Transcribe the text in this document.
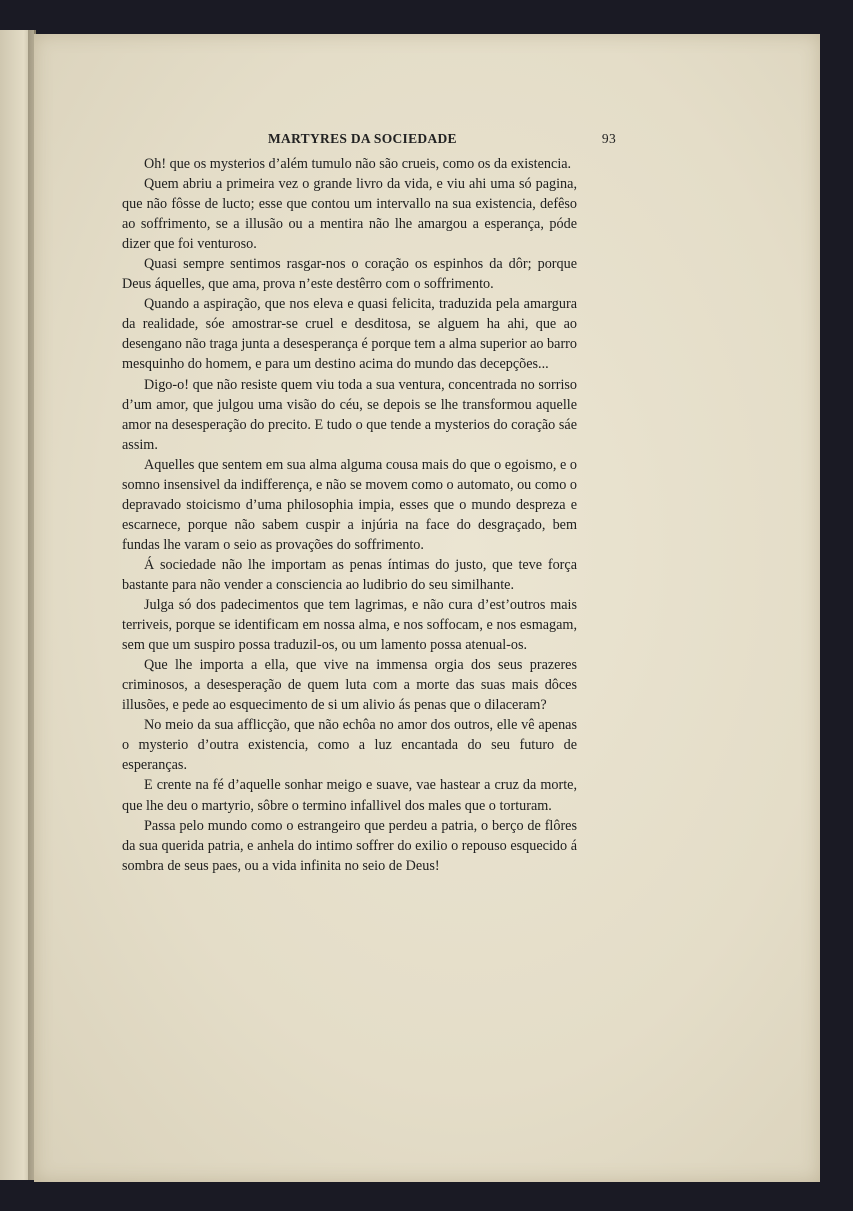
MARTYRES DA SOCIEDADE	93

Oh! que os mysterios d’além tumulo não são crueis, como os da existencia.

Quem abriu a primeira vez o grande livro da vida, e viu ahi uma só pagina, que não fôsse de lucto; esse que contou um intervallo na sua existencia, defêso ao soffrimento, se a illusão ou a mentira não lhe amargou a esperança, póde dizer que foi venturoso.

Quasi sempre sentimos rasgar-nos o coração os espinhos da dôr; porque Deus áquelles, que ama, prova n’este destêrro com o soffrimento.

Quando a aspiração, que nos eleva e quasi felicita, traduzida pela amargura da realidade, sóe amostrar-se cruel e desditosa, se alguem ha ahi, que ao desengano não traga junta a desesperança é porque tem a alma superior ao barro mesquinho do homem, e para um destino acima do mundo das decepções...

Digo-o! que não resiste quem viu toda a sua ventura, concentrada no sorriso d’um amor, que julgou uma visão do céu, se depois se lhe transformou aquelle amor na desesperação do precito. E tudo o que tende a mysterios do coração sáe assim.

Aquelles que sentem em sua alma alguma cousa mais do que o egoismo, e o somno insensivel da indifferença, e não se movem como o automato, ou como o depravado stoicismo d’uma philosophia impia, esses que o mundo despreza e escarnece, porque não sabem cuspir a injúria na face do desgraçado, bem fundas lhe varam o seio as provações do soffrimento.

Á sociedade não lhe importam as penas íntimas do justo, que teve força bastante para não vender a consciencia ao ludibrio do seu similhante.

Julga só dos padecimentos que tem lagrimas, e não cura d’est’outros mais terriveis, porque se identificam em nossa alma, e nos soffocam, e nos esmagam, sem que um suspiro possa traduzil-os, ou um lamento possa atenual-os.

Que lhe importa a ella, que vive na immensa orgia dos seus prazeres criminosos, a desesperação de quem luta com a morte das suas mais dôces illusões, e pede ao esquecimento de si um alivio ás penas que o dilaceram?

No meio da sua afflicção, que não echôa no amor dos outros, elle vê apenas o mysterio d’outra existencia, como a luz encantada do seu futuro de esperanças.

E crente na fé d’aquelle sonhar meigo e suave, vae hastear a cruz da morte, que lhe deu o martyrio, sôbre o termino infallivel dos males que o torturam.

Passa pelo mundo como o estrangeiro que perdeu a patria, o berço de flôres da sua querida patria, e anhela do intimo soffrer do exilio o repouso esquecido á sombra de seus paes, ou a vida infinita no seio de Deus!
